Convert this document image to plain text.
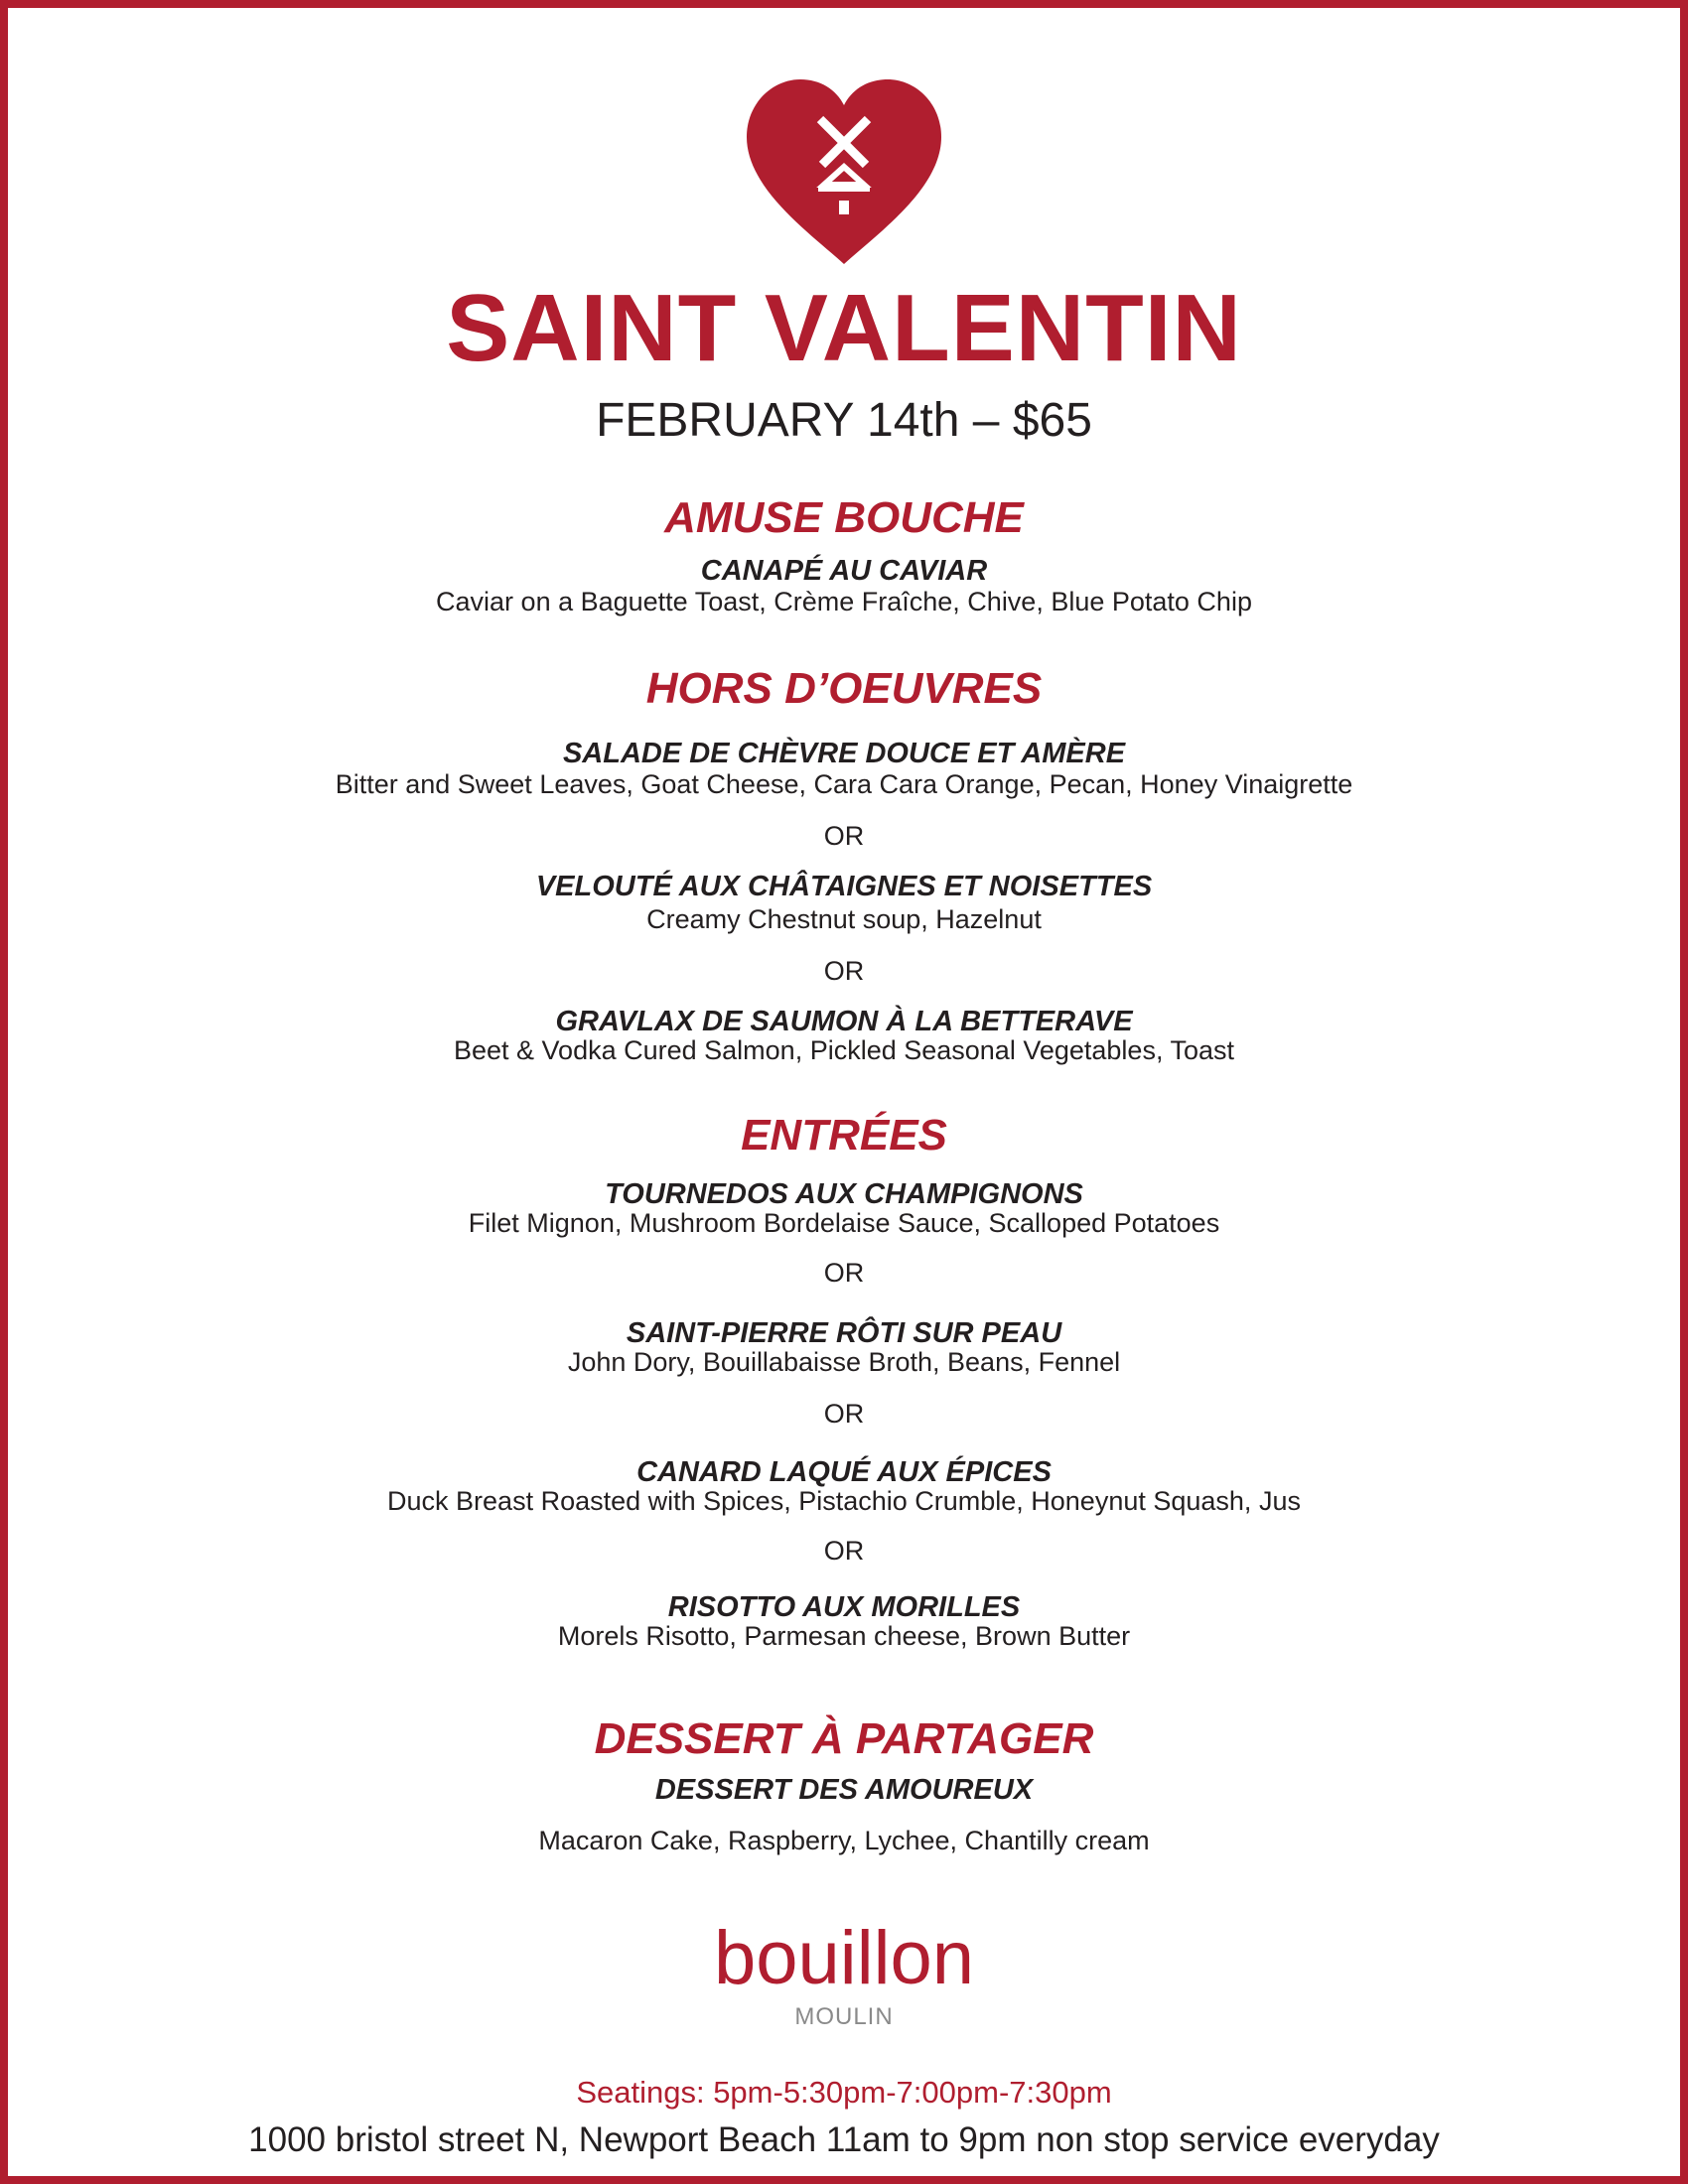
SAINT VALENTIN
FEBRUARY 14th – $65
AMUSE BOUCHE
CANAPÉ AU CAVIAR
Caviar on a Baguette Toast, Crème Fraîche, Chive, Blue Potato Chip
HORS D’OEUVRES
SALADE DE CHÈVRE DOUCE ET AMÈRE
Bitter and Sweet Leaves, Goat Cheese, Cara Cara Orange, Pecan, Honey Vinaigrette
OR
VELOUTÉ AUX CHÂTAIGNES ET NOISETTES
Creamy Chestnut soup, Hazelnut
OR
GRAVLAX DE SAUMON À LA BETTERAVE
Beet & Vodka Cured Salmon, Pickled Seasonal Vegetables, Toast
ENTRÉES
TOURNEDOS AUX CHAMPIGNONS
Filet Mignon, Mushroom Bordelaise Sauce, Scalloped Potatoes
OR
SAINT-PIERRE RÔTI SUR PEAU
John Dory, Bouillabaisse Broth, Beans, Fennel
OR
CANARD LAQUÉ AUX ÉPICES
Duck Breast Roasted with Spices, Pistachio Crumble, Honeynut Squash, Jus
OR
RISOTTO AUX MORILLES
Morels Risotto, Parmesan cheese, Brown Butter
DESSERT À PARTAGER
DESSERT DES AMOUREUX
Macaron Cake, Raspberry, Lychee, Chantilly cream
bouillon
MOULIN
Seatings: 5pm-5:30pm-7:00pm-7:30pm
1000 bristol street N, Newport Beach 11am to 9pm non stop service everyday
